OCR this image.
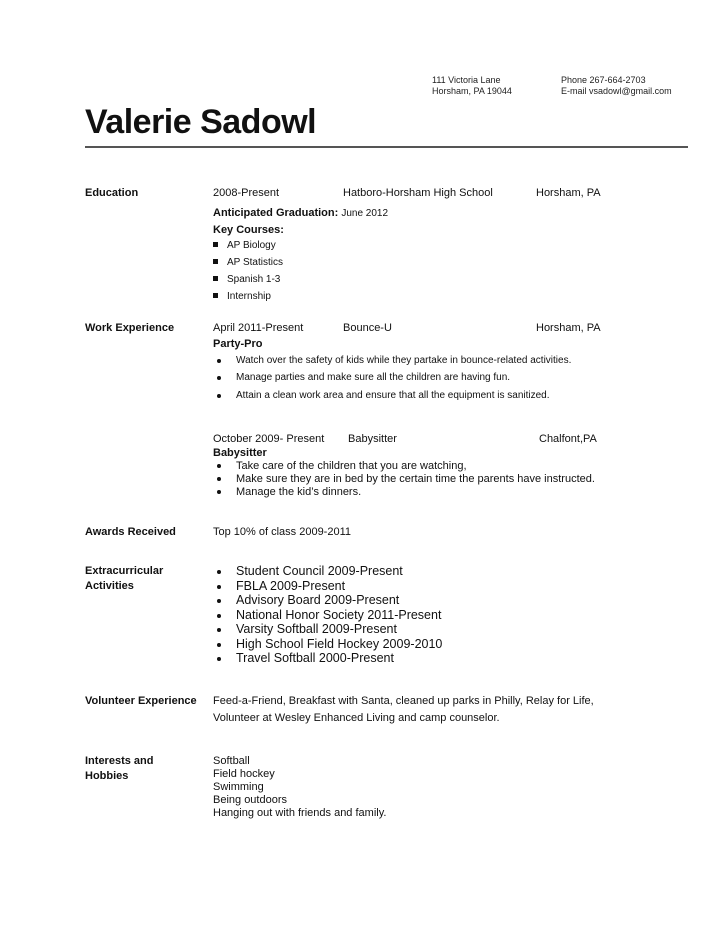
111 Victoria Lane
Horsham, PA 19044
Phone 267-664-2703
E-mail vsadowl@gmail.com
Valerie Sadowl
Education	2008-Present	Hatboro-Horsham High School	Horsham, PA
Anticipated Graduation: June 2012
Key Courses:
AP Biology
AP Statistics
Spanish 1-3
Internship
Work Experience	April 2011-Present	Bounce-U	Horsham, PA
Party-Pro
Watch over the safety of kids while they partake in bounce-related activities.
Manage parties and make sure all the children are having fun.
Attain a clean work area and ensure that all the equipment is sanitized.
October 2009- Present Babysitter	Chalfont,PA
Babysitter
Take care of the children that you are watching,
Make sure they are in bed by the certain time the parents have instructed.
Manage the kid’s dinners.
Awards Received	Top 10% of class 2009-2011
Extracurricular
Activities
Student Council 2009-Present
FBLA 2009-Present
Advisory Board 2009-Present
National Honor Society 2011-Present
Varsity Softball 2009-Present
High School Field Hockey 2009-2010
Travel Softball 2000-Present
Volunteer Experience Feed-a-Friend, Breakfast with Santa, cleaned up parks in Philly, Relay for Life,
Volunteer at Wesley Enhanced Living and camp counselor.
Interests and
Hobbies
Softball
Field hockey
Swimming
Being outdoors
Hanging out with friends and family.
